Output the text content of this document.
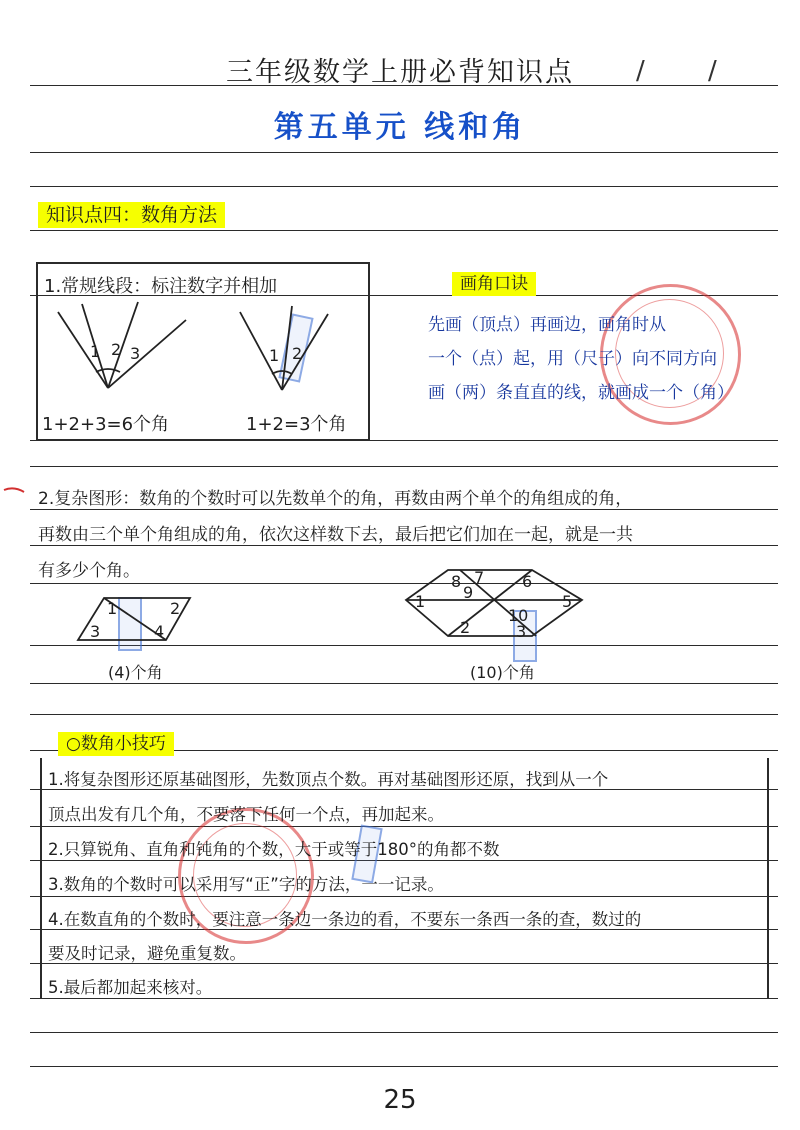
三年级数学上册必背知识点	/ /
第五单元 线和角
知识点四：数角方法
1.常规线段：标注数字并相加
1 2 3	1 2
1+2+3=6个角	1+2=3个角
画角口诀
先画（顶点）再画边，画角时从
一个（点）起，用（尺子）向不同方向
画（两）条直直的线，就画成一个（角）
2.复杂图形：数角的个数时可以先数单个的角，再数由两个单个的角组成的角，
再数由三个单个角组成的角，依次这样数下去，最后把它们加在一起，就是一共
有多少个角。
1	2
3	4
(4)个角
8 7
9
6
1
10
5
2	3
(10)个角
○数角小技巧
1.将复杂图形还原基础图形，先数顶点个数。再对基础图形还原，找到从一个
顶点出发有几个角，不要落下任何一个点，再加起来。
2.只算锐角、直角和钝角的个数，大于或等于180°的角都不数
3.数角的个数时可以采用写“正”字的方法，一一记录。
4.在数直角的个数时，要注意一条边一条边的看，不要东一条西一条的查，数过的
要及时记录，避免重复数。
5.最后都加起来核对。
25
